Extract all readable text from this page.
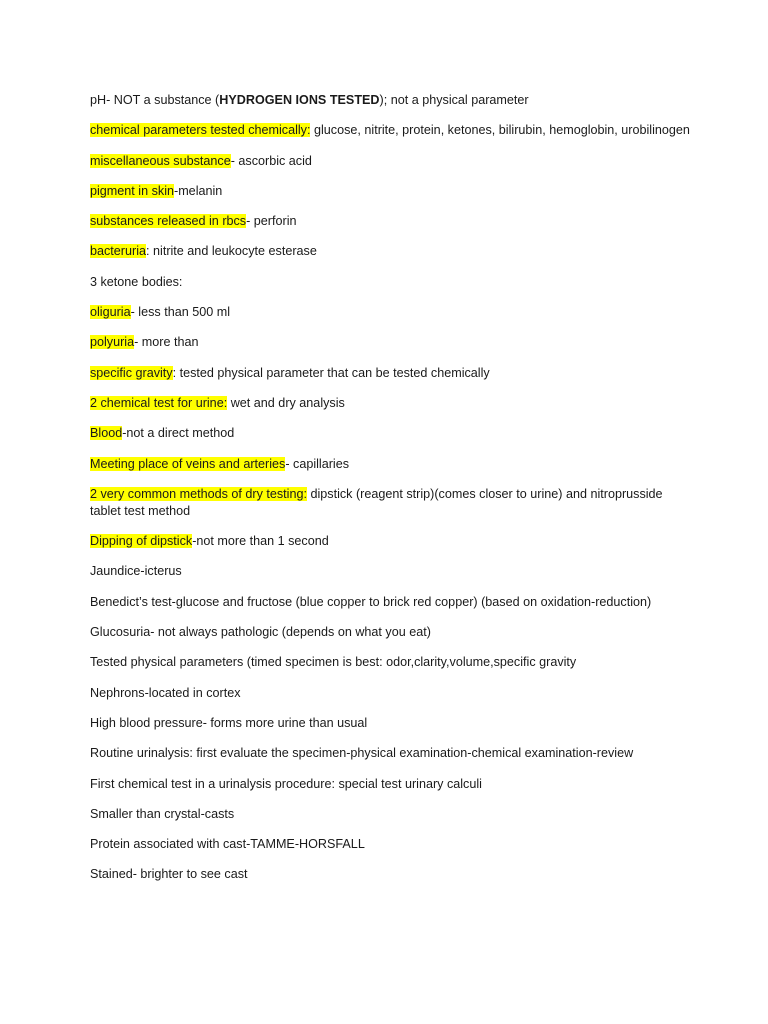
pH- NOT a substance (HYDROGEN IONS TESTED); not a physical parameter
chemical parameters tested chemically: glucose, nitrite, protein, ketones, bilirubin, hemoglobin, urobilinogen
miscellaneous substance- ascorbic acid
pigment in skin-melanin
substances released in rbcs- perforin
bacteruria: nitrite and leukocyte esterase
3 ketone bodies:
oliguria- less than 500 ml
polyuria- more than
specific gravity: tested physical parameter that can be tested chemically
2 chemical test for urine: wet and dry analysis
Blood-not a direct method
Meeting place of veins and arteries- capillaries
2 very common methods of dry testing: dipstick (reagent strip)(comes closer to urine) and nitroprusside tablet test method
Dipping of dipstick-not more than 1 second
Jaundice-icterus
Benedict’s test-glucose and fructose (blue copper to brick red copper) (based on oxidation-reduction)
Glucosuria- not always pathologic (depends on what you eat)
Tested physical parameters (timed specimen is best: odor,clarity,volume,specific gravity
Nephrons-located in cortex
High blood pressure- forms more urine than usual
Routine urinalysis: first evaluate the specimen-physical examination-chemical examination-review
First chemical test in a urinalysis procedure: special test urinary calculi
Smaller than crystal-casts
Protein associated with cast-TAMME-HORSFALL
Stained- brighter to see cast
